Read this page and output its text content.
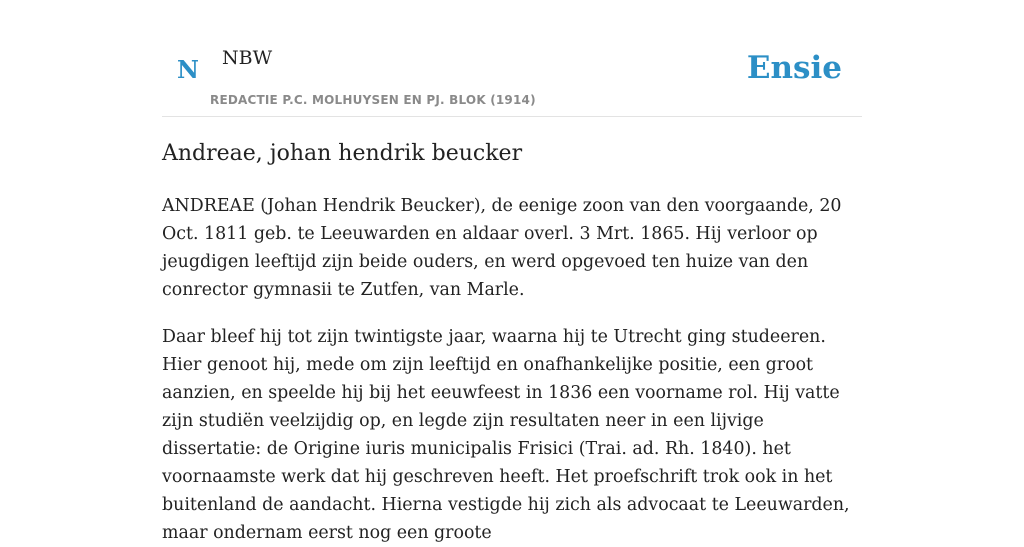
N NBW
REDACTIE P.C. MOLHUYSEN EN PJ. BLOK (1914)
Ensie
Andreae, johan hendrik beucker

ANDREAE (Johan Hendrik Beucker), de eenige zoon van den voorgaande, 20 Oct. 1811 geb. te Leeuwarden en aldaar overl. 3 Mrt. 1865. Hij verloor op jeugdigen leeftijd zijn beide ouders, en werd opgevoed ten huize van den conrector gymnasii te Zutfen, van Marle.

Daar bleef hij tot zijn twintigste jaar, waarna hij te Utrecht ging studeeren. Hier genoot hij, mede om zijn leeftijd en onafhankelijke positie, een groot aanzien, en speelde hij bij het eeuwfeest in 1836 een voorname rol. Hij vatte zijn studiën veelzijdig op, en legde zijn resultaten neer in een lijvige dissertatie: de Origine iuris municipalis Frisici (Trai. ad. Rh. 1840). het voornaamste werk dat hij geschreven heeft. Het proefschrift trok ook in het buitenland de aandacht. Hierna vestigde hij zich als advocaat te Leeuwarden, maar ondernam eerst nog een groote
